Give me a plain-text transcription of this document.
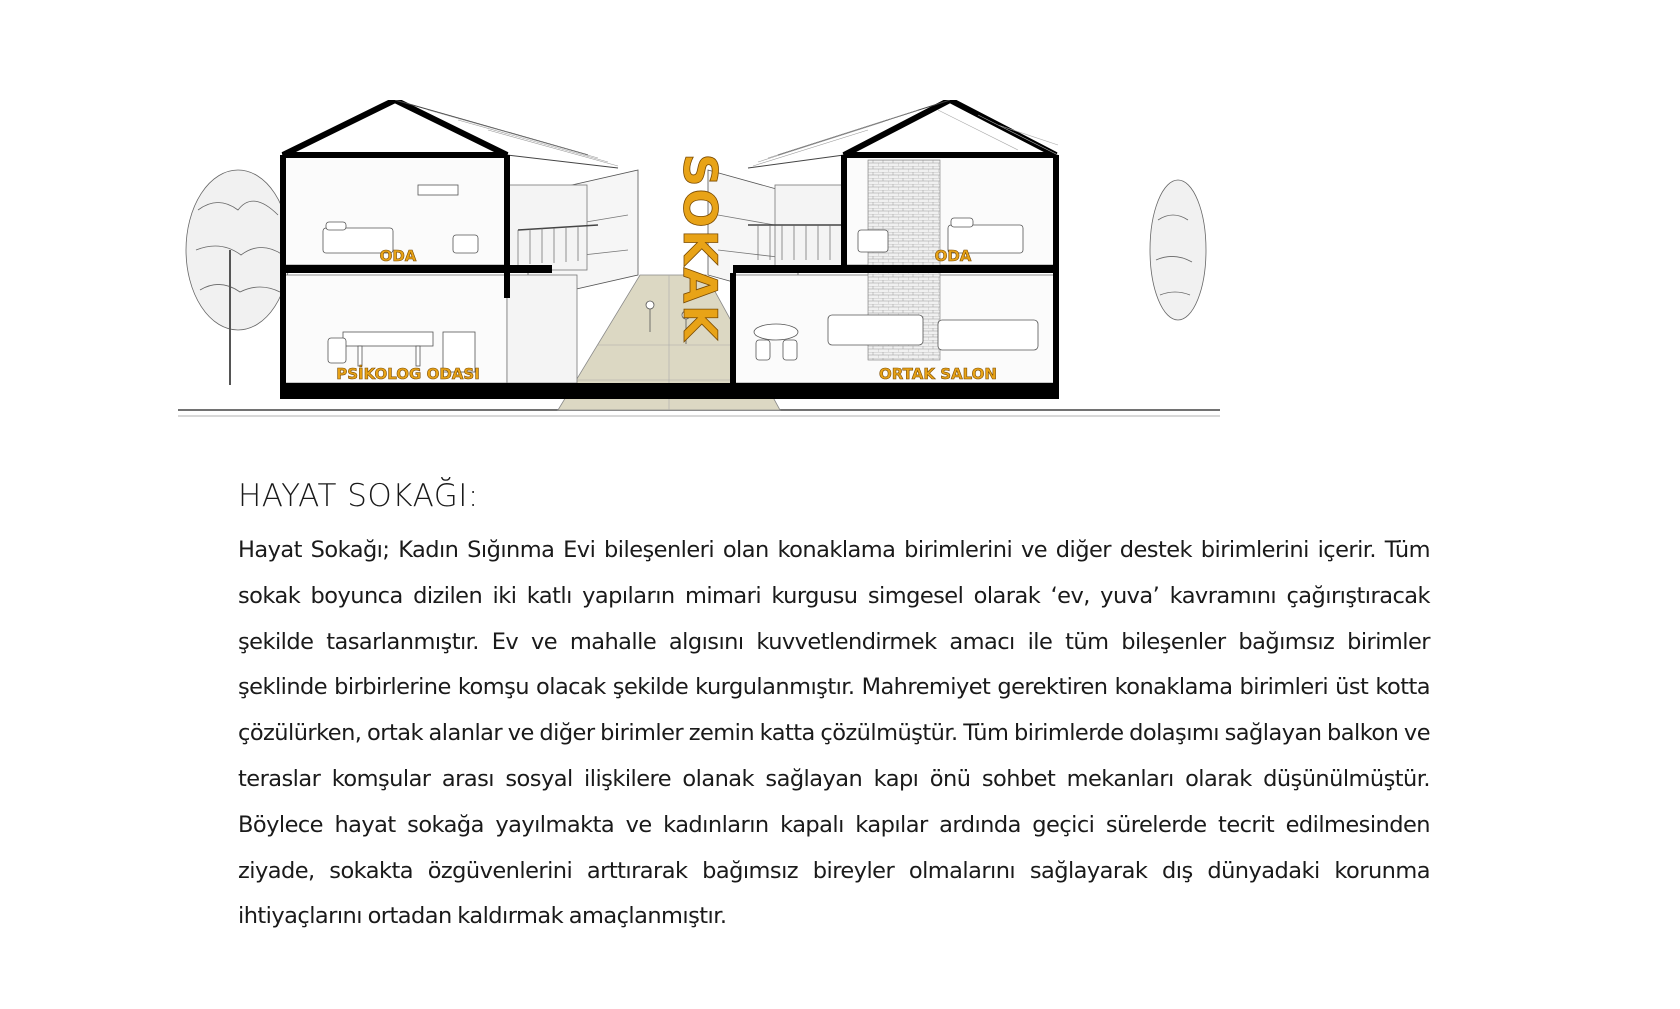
ODA
PSİKOLOG ODASI
ODA
ORTAK SALON
SOKAK
HAYAT SOKAĞI:

Hayat Sokağı; Kadın Sığınma Evi bileşenleri olan konaklama birimlerini ve diğer destek birimlerini içerir. Tüm sokak boyunca dizilen iki katlı yapıların mimari kurgusu simgesel olarak ‘ev, yuva’ kavramını çağırıştıracak şekilde tasarlanmıştır. Ev ve mahalle algısını kuvvetlendirmek amacı ile tüm bileşenler bağımsız birimler şeklinde birbirlerine komşu olacak şekilde kurgulanmıştır. Mahremiyet gerektiren konaklama birimleri üst kotta çözülürken, ortak alanlar ve diğer birimler zemin katta çözülmüştür. Tüm birimlerde dolaşımı sağlayan balkon ve teraslar komşular arası sosyal ilişkilere olanak sağlayan kapı önü sohbet mekanları olarak düşünülmüştür. Böylece hayat sokağa yayılmakta ve kadınların kapalı kapılar ardında geçici sürelerde tecrit edilmesinden ziyade, sokakta özgüvenlerini arttırarak bağımsız bireyler olmalarını sağlayarak dış dünyadaki korunma ihtiyaçlarını ortadan kaldırmak amaçlanmıştır.
